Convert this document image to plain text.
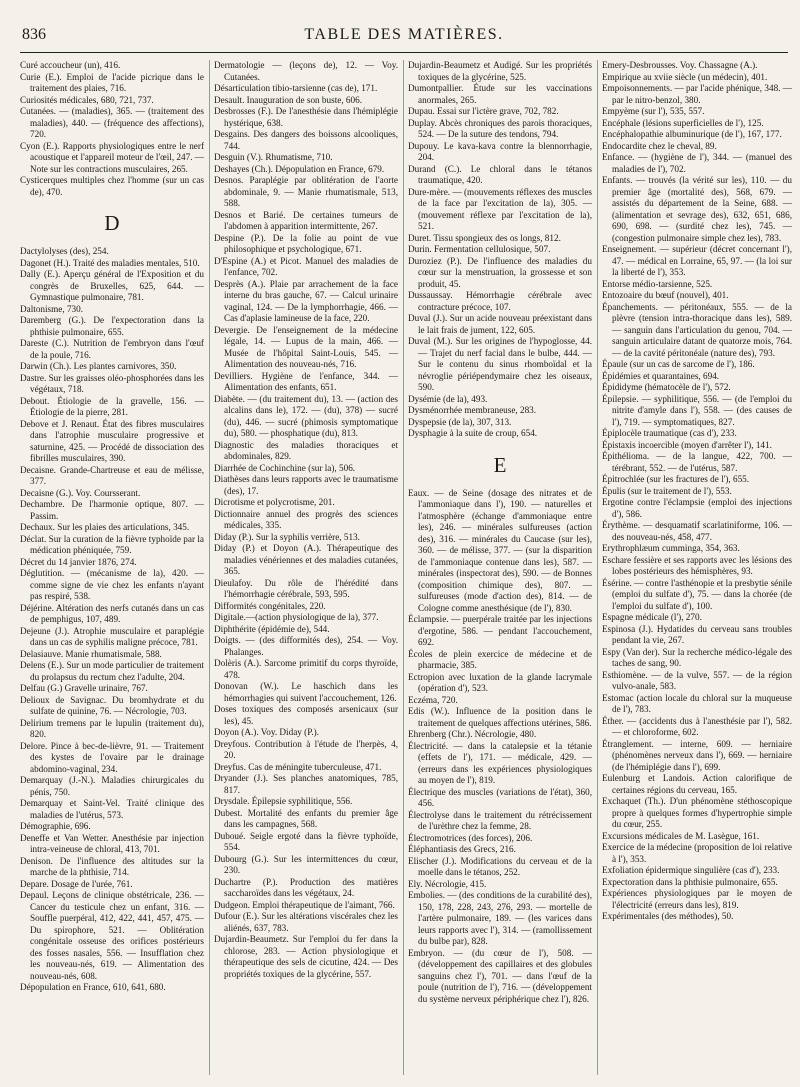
836	TABLE DES MATIÈRES.

Curé accoucheur (un), 416.

Curie (E.). Emploi de l'acide picrique dans le traitement des plaies, 716.

Curiosités médicales, 680, 721, 737.

Cutanées. — (maladies), 365. — (traitement des maladies), 440. — (fréquence des affections), 720.

Cyon (E.). Rapports physiologiques entre le nerf acoustique et l'appareil moteur de l'œil, 247. — Note sur les contractions musculaires, 265.

Cysticerques multiples chez l'homme (sur un cas de), 470.

D

Dactylolyses (des), 254.

Dagonet (H.). Traité des maladies mentales, 510.

Dally (E.). Aperçu général de l'Exposition et du congrès de Bruxelles, 625, 644. — Gymnastique pulmonaire, 781.

Daltonisme, 730.

Daremberg (G.). De l'expectoration dans la phthisie pulmonaire, 655.

Dareste (C.). Nutrition de l'embryon dans l'œuf de la poule, 716.

Darwin (Ch.). Les plantes carnivores, 350.

Dastre. Sur les graisses oléo-phosphorées dans les végétaux, 718.

Debout. Étiologie de la gravelle, 156. — Étiologie de la pierre, 281.

Debove et J. Renaut. État des fibres musculaires dans l'atrophie musculaire progressive et saturnine, 425. — Procédé de dissociation des fibrilles musculaires, 390.

Decaisne. Grande-Chartreuse et eau de mélisse, 377.

Decaisne (G.). Voy. Coursserant.

Dechambre. De l'harmonie optique, 807. — Passim.

Dechaux. Sur les plaies des articulations, 345.

Déclat. Sur la curation de la fièvre typhoïde par la médication phéniquée, 759.

Décret du 14 janvier 1876, 274.

Déglutition. — (mécanisme de la), 420. — comme signe de vie chez les enfants n'ayant pas respiré, 538.

Déjérine. Altération des nerfs cutanés dans un cas de pemphigus, 107, 489.

Dejeune (J.). Atrophie musculaire et paraplégie dans un cas de syphilis maligne précoce, 781.

Delasiauve. Manie rhumatismale, 588.

Delens (E.). Sur un mode particulier de traitement du prolapsus du rectum chez l'adulte, 204.

Delfau (G.) Gravelle urinaire, 767.

Delioux de Savignac. Du bromhydrate et du sulfate de quinine, 76. — Nécrologie, 703.

Delirium tremens par le lupulin (traitement du), 820.

Delore. Pince à bec-de-lièvre, 91. — Traitement des kystes de l'ovaire par le drainage abdomino-vaginal, 234.

Demarquay (J.-N.). Maladies chirurgicales du pénis, 750.

Demarquay et Saint-Vel. Traité clinique des maladies de l'utérus, 573.

Démographie, 696.

Deneffe et Van Wetter. Anesthésie par injection intra-veineuse de chloral, 413, 701.

Denison. De l'influence des altitudes sur la marche de la phthisie, 714.

Depare. Dosage de l'urée, 761.

Depaul. Leçons de clinique obstétricale, 236. — Cancer du testicule chez un enfant, 316. — Souffle puerpéral, 412, 422, 441, 457, 475. — Du spirophore, 521. — Oblitération congénitale osseuse des orifices postérieurs des fosses nasales, 556. — Insufflation chez les nouveau-nés, 619. — Alimentation des nouveau-nés, 608.

Dépopulation en France, 610, 641, 680.

Dermatologie — (leçons de), 12. — Voy. Cutanées.

Désarticulation tibio-tarsienne (cas de), 171.

Desault. Inauguration de son buste, 606.

Desbrosses (F.). De l'anesthésie dans l'hémiplégie hystérique, 638.

Desgains. Des dangers des boissons alcooliques, 744.

Desguin (V.). Rhumatisme, 710.

Deshayes (Ch.). Dépopulation en France, 679.

Desnos. Paraplégie par oblitération de l'aorte abdominale, 9. — Manie rhumatismale, 513, 588.

Desnos et Barié. De certaines tumeurs de l'abdomen à apparition intermittente, 267.

Despine (P.). De la folie au point de vue philosophique et psychologique, 671.

D'Espine (A.) et Picot. Manuel des maladies de l'enfance, 702.

Desprès (A.). Plaie par arrachement de la face interne du bras gauche, 67. — Calcul urinaire vaginal, 124. — De la lymphorrhagie, 466. — Cas d'aplasie lamineuse de la face, 220.

Devergie. De l'enseignement de la médecine légale, 14. — Lupus de la main, 466. — Musée de l'hôpital Saint-Louis, 545. — Alimentation des nouveau-nés, 716.

Devilliers. Hygiène de l'enfance, 344. — Alimentation des enfants, 651.

Diabète. — (du traitement du), 13. — (action des alcalins dans le), 172. — (du), 378) — sucré (du), 446. — sucré (phimosis symptomatique du), 580. — phosphatique (du), 813.

Diagnostic des maladies thoraciques et abdominales, 829.

Diarrhée de Cochinchine (sur la), 506.

Diathèses dans leurs rapports avec le traumatisme (des), 17.

Dicrotisme et polycrotisme, 201.

Dictionnaire annuel des progrès des sciences médicales, 335.

Diday (P.). Sur la syphilis verrière, 513.

Diday (P.) et Doyon (A.). Thérapeutique des maladies vénériennes et des maladies cutanées, 365.

Dieulafoy. Du rôle de l'hérédité dans l'hémorrhagie cérébrale, 593, 595.

Difformités congénitales, 220.

Digitale.—(action physiologique de la), 377.

Diphthérite (épidémie de), 544.

Doigts. — (des difformités des), 254. — Voy. Phalanges.

Dolèris (A.). Sarcome primitif du corps thyroïde, 478.

Donovan (W.). Le haschich dans les hémorrhagies qui suivent l'accouchement, 126.

Doses toxiques des composés arsenicaux (sur les), 45.

Doyon (A.). Voy. Diday (P.).

Dreyfous. Contribution à l'étude de l'herpès, 4, 20.

Dreyfus. Cas de méningite tuberculeuse, 471.

Dryander (J.). Ses planches anatomiques, 785, 817.

Drysdale. Épilepsie syphilitique, 556.

Dubest. Mortalité des enfants du premier âge dans les campagnes, 568.

Duboué. Seigle ergoté dans la fièvre typhoïde, 554.

Dubourg (G.). Sur les intermittences du cœur, 230.

Duchartre (P.). Production des matières saccharoïdes dans les végétaux, 24.

Dudgeon. Emploi thérapeutique de l'aimant, 766.

Dufour (E.). Sur les altérations viscérales chez les aliénés, 637, 783.

Dujardin-Beaumetz. Sur l'emploi du fer dans la chlorose, 283. — Action physiologique et thérapeutique des sels de cicutine, 424. — Des propriétés toxiques de la glycérine, 557.

Dujardin-Beaumetz et Audigé. Sur les propriétés toxiques de la glycérine, 525.

Dumontpallier. Étude sur les vaccinations anormales, 265.

Dupau. Essai sur l'ictère grave, 702, 782.

Duplay. Abcès chroniques des parois thoraciques, 524. — De la suture des tendons, 794.

Dupouy. Le kava-kava contre la blennorrhagie, 204.

Durand (C.). Le chloral dans le tétanos traumatique, 420.

Dure-mère. — (mouvements réflexes des muscles de la face par l'excitation de la), 305. — (mouvement réflexe par l'excitation de la), 521.

Duret. Tissu spongieux des os longs, 812.

Durin. Fermentation cellulosique, 507.

Duroziez (P.). De l'influence des maladies du cœur sur la menstruation, la grossesse et son produit, 45.

Dussaussay. Hémorrhagie cérébrale avec contracture précoce, 107.

Duval (J.). Sur un acide nouveau préexistant dans le lait frais de jument, 122, 605.

Duval (M.). Sur les origines de l'hypoglosse, 44. — Trajet du nerf facial dans le bulbe, 444. — Sur le contenu du sinus rhomboïdal et la névroglie périépendymaire chez les oiseaux, 590.

Dysémie (de la), 493.

Dysménorrhée membraneuse, 283.

Dyspepsie (de la), 307, 313.

Dysphagie à la suite de croup, 654.

E

Eaux. — de Seine (dosage des nitrates et de l'ammoniaque dans l'), 190. — naturelles et l'atmosphère (échange d'ammoniaque entre les), 246. — minérales sulfureuses (action des), 316. — minérales du Caucase (sur les), 360. — de mélisse, 377. — (sur la disparition de l'ammoniaque contenue dans les), 587. — minérales (inspectorat des), 590. — de Bonnes (composition chimique des), 807. — sulfureuses (mode d'action des), 814. — de Cologne comme anesthésique (de l'), 830.

Éclampsie. — puerpérale traitée par les injections d'ergotine, 586. — pendant l'accouchement, 692.

Écoles de plein exercice de médecine et de pharmacie, 385.

Ectropion avec luxation de la glande lacrymale (opération d'), 523.

Eczéma, 720.

Edis (W.). Influence de la position dans le traitement de quelques affections utérines, 586.

Ehrenberg (Chr.). Nécrologie, 480.

Électricité. — dans la catalepsie et la tétanie (effets de l'), 171. — médicale, 429. — (erreurs dans les expériences physiologiques au moyen de l'), 819.

Électrique des muscles (variations de l'état), 360, 456.

Électrolyse dans le traitement du rétrécissement de l'urèthre chez la femme, 28.

Électromotrices (des forces), 206.

Éléphantiasis des Grecs, 216.

Elischer (J.). Modifications du cerveau et de la moelle dans le tétanos, 252.

Ely. Nécrologie, 415.

Embolies. — (des conditions de la curabilité des), 150, 178, 228, 243, 276, 293. — mortelle de l'artère pulmonaire, 189. — (les varices dans leurs rapports avec l'), 314. — (ramollissement du bulbe par), 828.

Embryon. — (du cœur de l'), 508. — (développement des capillaires et des globules sanguins chez l'), 701. — dans l'œuf de la poule (nutrition de l'), 716. — (développement du système nerveux périphérique chez l'), 826.

Emery-Desbrousses. Voy. Chassagne (A.).

Empirique au xviie siècle (un médecin), 401.

Empoisonnements. — par l'acide phénique, 348. — par le nitro-benzol, 380.

Empyème (sur l'), 535, 557.

Encéphale (lésions superficielles de l'), 125.

Encéphalopathie albuminurique (de l'), 167, 177.

Endocardite chez le cheval, 89.

Enfance. — (hygiène de l'), 344. — (manuel des maladies de l'), 702.

Enfants. — trouvés (la vérité sur les), 110. — du premier âge (mortalité des), 568, 679. — assistés du département de la Seine, 688. — (alimentation et sevrage des), 632, 651, 686, 690, 698. — (surdité chez les), 745. — (congestion pulmonaire simple chez les), 783.

Enseignement. — supérieur (décret concernant l'), 47. — médical en Lorraine, 65, 97. — (la loi sur la liberté de l'), 353.

Entorse médio-tarsienne, 525.

Entozoaire du bœuf (nouvel), 401.

Épanchements. — péritonéaux, 555. — de la plèvre (tension intra-thoracique dans les), 589. — sanguin dans l'articulation du genou, 704. — sanguin articulaire datant de quatorze mois, 764. — de la cavité péritonéale (nature des), 793.

Épaule (sur un cas de sarcome de l'), 186.

Épidémies et quarantaines, 694.

Épididyme (hématocèle de l'), 572.

Épilepsie. — syphilitique, 556. — (de l'emploi du nitrite d'amyle dans l'), 558. — (des causes de l'), 719. — symptomatiques, 827.

Épiplocèle traumatique (cas d'), 233.

Épistaxis incoercible (moyen d'arrêter l'), 141.

Épithélioma. — de la langue, 422, 700. — térébrant, 552. — de l'utérus, 587.

Épitrochlée (sur les fractures de l'), 655.

Épulis (sur le traitement de l'), 553.

Ergotine contre l'éclampsie (emploi des injections d'), 586.

Érythème. — desquamatif scarlatiniforme, 106. — des nouveau-nés, 458, 477.

Erythrophlæum cumminga, 354, 363.

Eschare fessière et ses rapports avec les lésions des lobes postérieurs des hémisphères, 93.

Ésérine. — contre l'asthénopie et la presbytie sénile (emploi du sulfate d'), 75. — dans la chorée (de l'emploi du sulfate d'), 100.

Espagne médicale (l'), 270.

Espinosa (J.). Hydatides du cerveau sans troubles pendant la vie, 267.

Espy (Van der). Sur la recherche médico-légale des taches de sang, 90.

Esthiomène. — de la vulve, 557. — de la région vulvo-anale, 583.

Estomac (action locale du chloral sur la muqueuse de l'), 783.

Éther. — (accidents dus à l'anesthésie par l'), 582. — et chloroforme, 602.

Étranglement. — interne, 609. — herniaire (phénomènes nerveux dans l'), 669. — herniaire (de l'hémiplégie dans l'), 699.

Eulenburg et Landois. Action calorifique de certaines régions du cerveau, 165.

Exchaquet (Th.). D'un phénomène stéthoscopique propre à quelques formes d'hypertrophie simple du cœur, 255.

Excursions médicales de M. Lasègue, 161.

Exercice de la médecine (proposition de loi relative à l'), 353.

Exfoliation épidermique singulière (cas d'), 233.

Expectoration dans la phthisie pulmonaire, 655.

Expériences physiologiques par le moyen de l'électricité (erreurs dans les), 819.

Expérimentales (des méthodes), 50.
